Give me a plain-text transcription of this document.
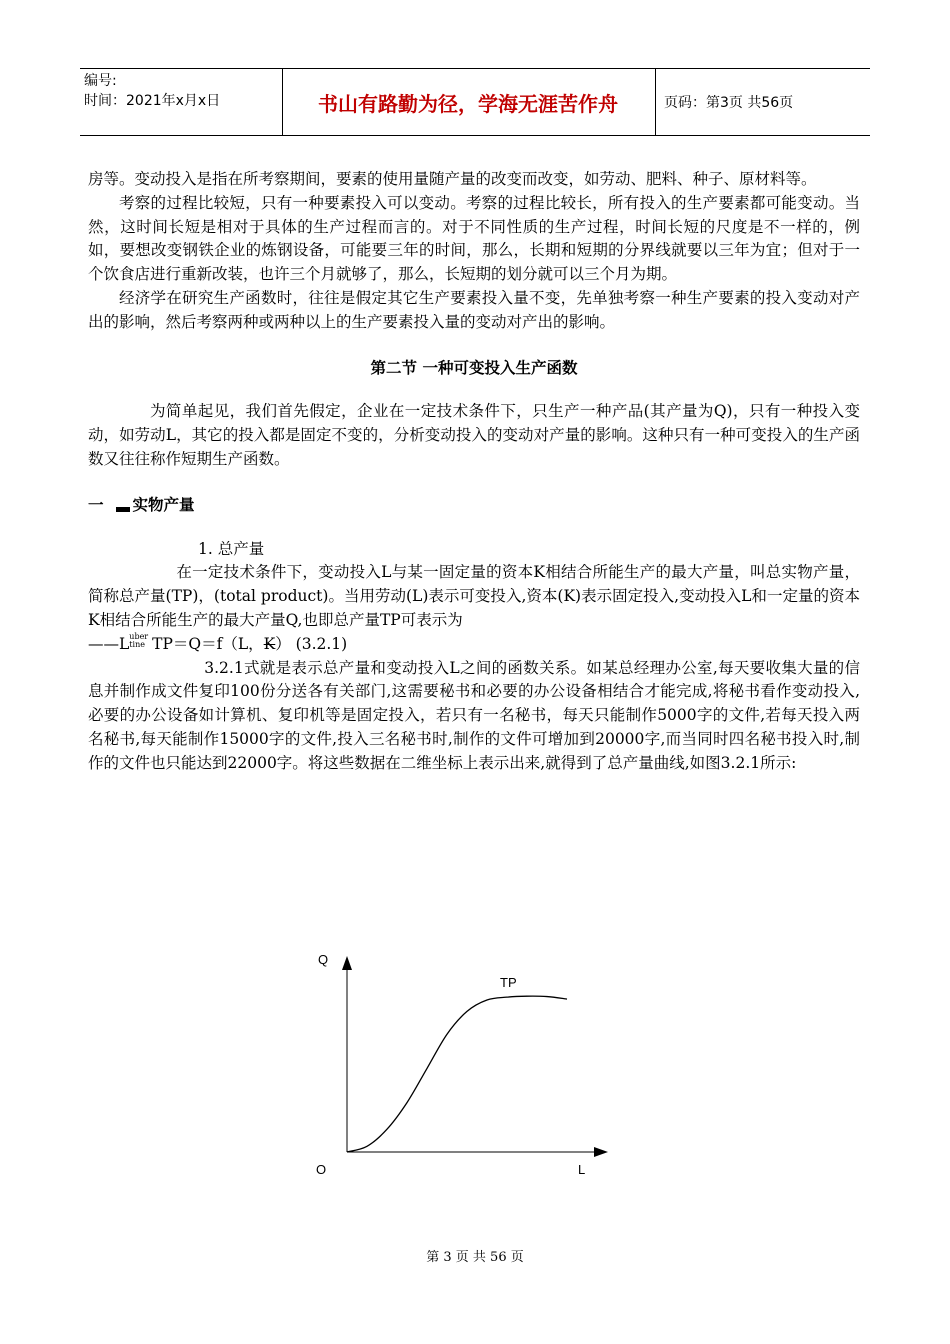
编号:
时间：2021年x月x日	书山有路勤为径，学海无涯苦作舟	页码：第3页 共56页

房等。变动投入是指在所考察期间，要素的使用量随产量的改变而改变，如劳动、肥料、种子、原材料等。

考察的过程比较短，只有一种要素投入可以变动。考察的过程比较长，所有投入的生产要素都可能变动。当然，这时间长短是相对于具体的生产过程而言的。对于不同性质的生产过程，时间长短的尺度是不一样的，例如，要想改变钢铁企业的炼钢设备，可能要三年的时间，那么，长期和短期的分界线就要以三年为宜；但对于一个饮食店进行重新改装，也许三个月就够了，那么，长短期的划分就可以三个月为期。

经济学在研究生产函数时，往往是假定其它生产要素投入量不变，先单独考察一种生产要素的投入变动对产出的影响，然后考察两种或两种以上的生产要素投入量的变动对产出的影响。

第二节 一种可变投入生产函数

为简单起见，我们首先假定，企业在一定技术条件下，只生产一种产品(其产量为Q)，只有一种投入变动，如劳动L，其它的投入都是固定不变的，分析变动投入的变动对产量的影响。这种只有一种可变投入的生产函数又往往称作短期生产函数。

一 实物产量

1. 总产量

在一定技术条件下，变动投入L与某一固定量的资本K相结合所能生产的最大产量，叫总实物产量，简称总产量(TP)，(total product)。当用劳动(L)表示可变投入,资本(K)表示固定投入,变动投入L和一定量的资本K相结合所能生产的最大产量Q,也即总产量TP可表示为

——L uber
tine TP＝Q＝f（L，K） (3.2.1)

3.2.1式就是表示总产量和变动投入L之间的函数关系。如某总经理办公室,每天要收集大量的信息并制作成文件复印100份分送各有关部门,这需要秘书和必要的办公设备相结合才能完成,将秘书看作变动投入,必要的办公设备如计算机、复印机等是固定投入，若只有一名秘书，每天只能制作5000字的文件,若每天投入两名秘书,每天能制作15000字的文件,投入三名秘书时,制作的文件可增加到20000字,而当同时四名秘书投入时,制作的文件也只能达到22000字。将这些数据在二维坐标上表示出来,就得到了总产量曲线,如图3.2.1所示:

Q
L
O
TP
第 3 页 共 56 页
